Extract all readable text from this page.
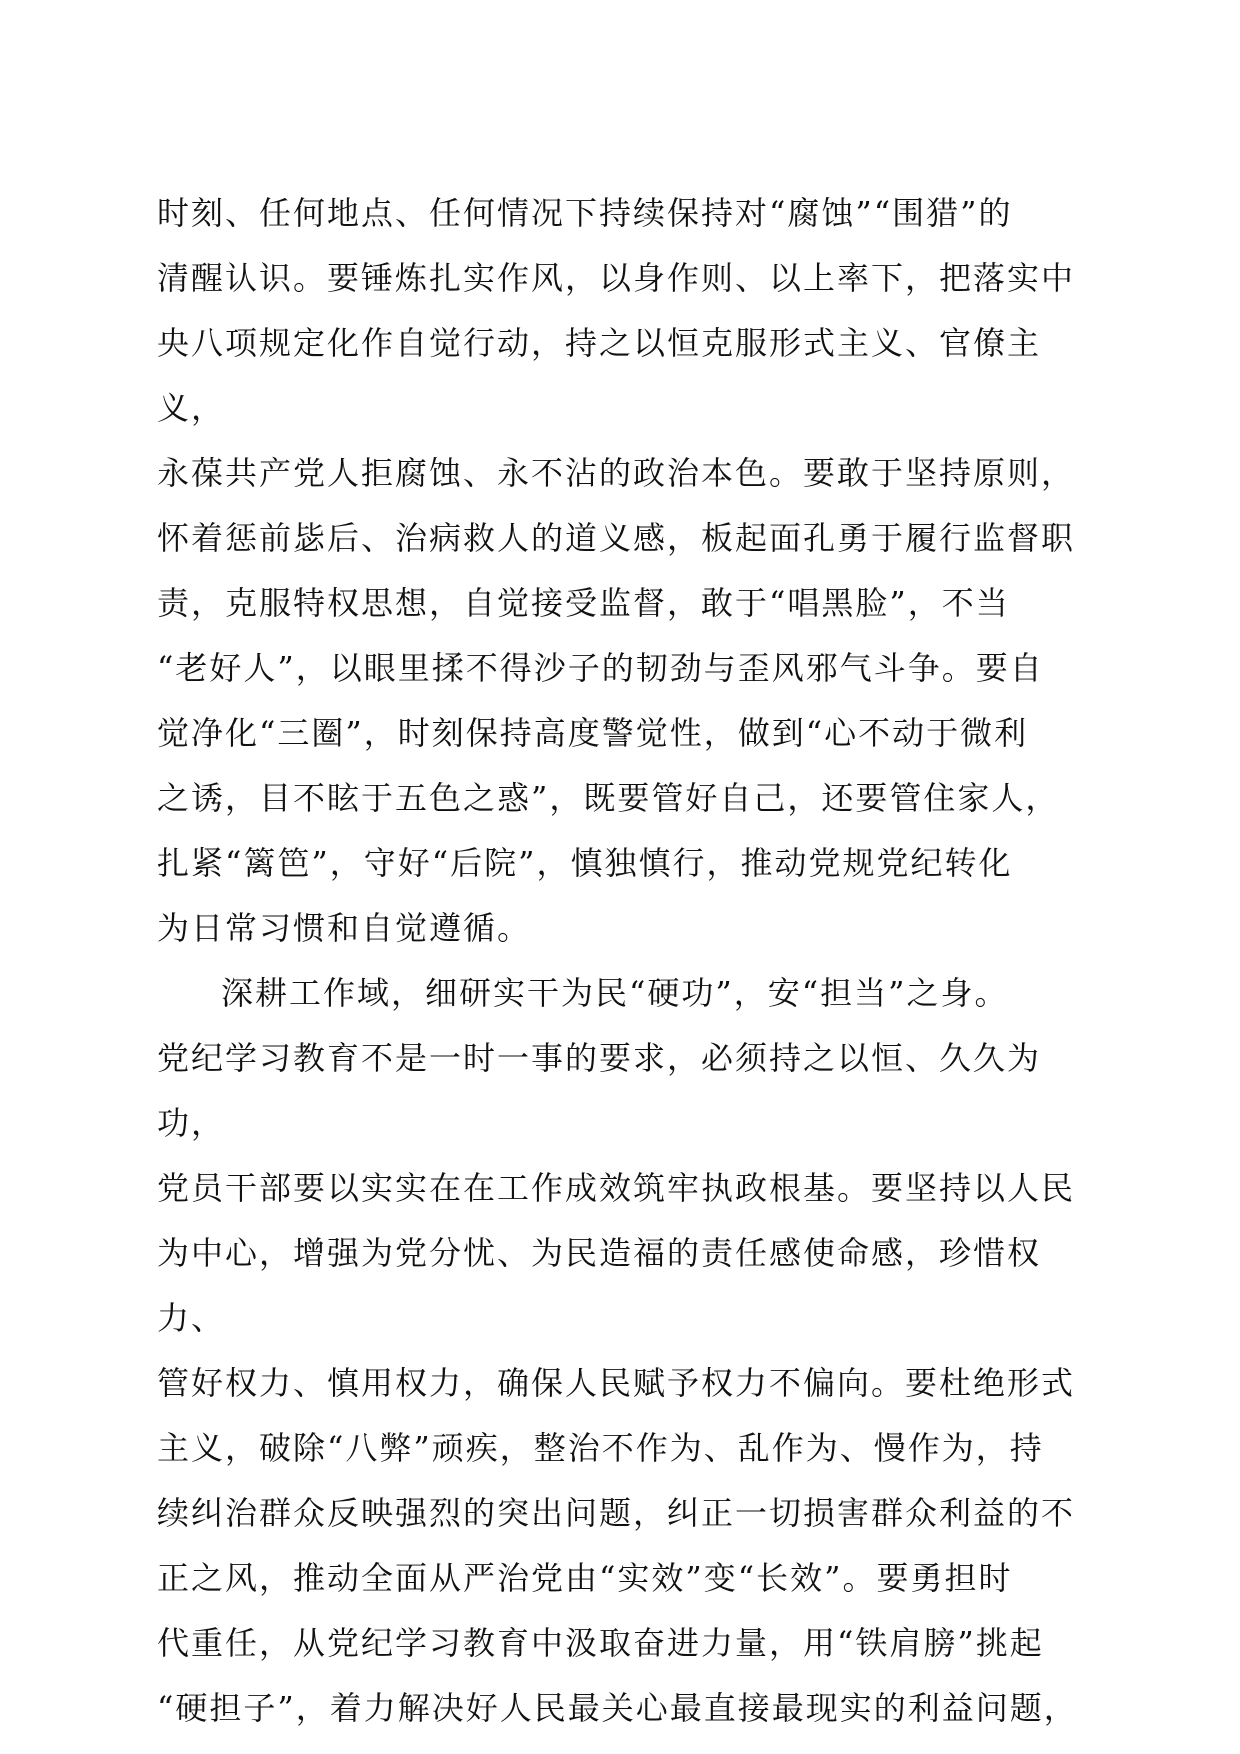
时刻、任何地点、任何情况下持续保持对“腐蚀”“围猎”的
清醒认识。要锤炼扎实作风，以身作则、以上率下，把落实中
央八项规定化作自觉行动，持之以恒克服形式主义、官僚主义，
永葆共产党人拒腐蚀、永不沾的政治本色。要敢于坚持原则，
怀着惩前毖后、治病救人的道义感，板起面孔勇于履行监督职
责，克服特权思想，自觉接受监督，敢于“唱黑脸”，不当
“老好人”，以眼里揉不得沙子的韧劲与歪风邪气斗争。要自
觉净化“三圈”，时刻保持高度警觉性，做到“心不动于微利
之诱，目不眩于五色之惑”，既要管好自己，还要管住家人，
扎紧“篱笆”，守好“后院”，慎独慎行，推动党规党纪转化
为日常习惯和自觉遵循。
深耕工作域，细研实干为民“硬功”，安“担当”之身。
党纪学习教育不是一时一事的要求，必须持之以恒、久久为功，
党员干部要以实实在在工作成效筑牢执政根基。要坚持以人民
为中心，增强为党分忧、为民造福的责任感使命感，珍惜权力、
管好权力、慎用权力，确保人民赋予权力不偏向。要杜绝形式
主义，破除“八弊”顽疾，整治不作为、乱作为、慢作为，持
续纠治群众反映强烈的突出问题，纠正一切损害群众利益的不
正之风，推动全面从严治党由“实效”变“长效”。要勇担时
代重任，从党纪学习教育中汲取奋进力量，用“铁肩膀”挑起
“硬担子”，着力解决好人民最关心最直接最现实的利益问题，
